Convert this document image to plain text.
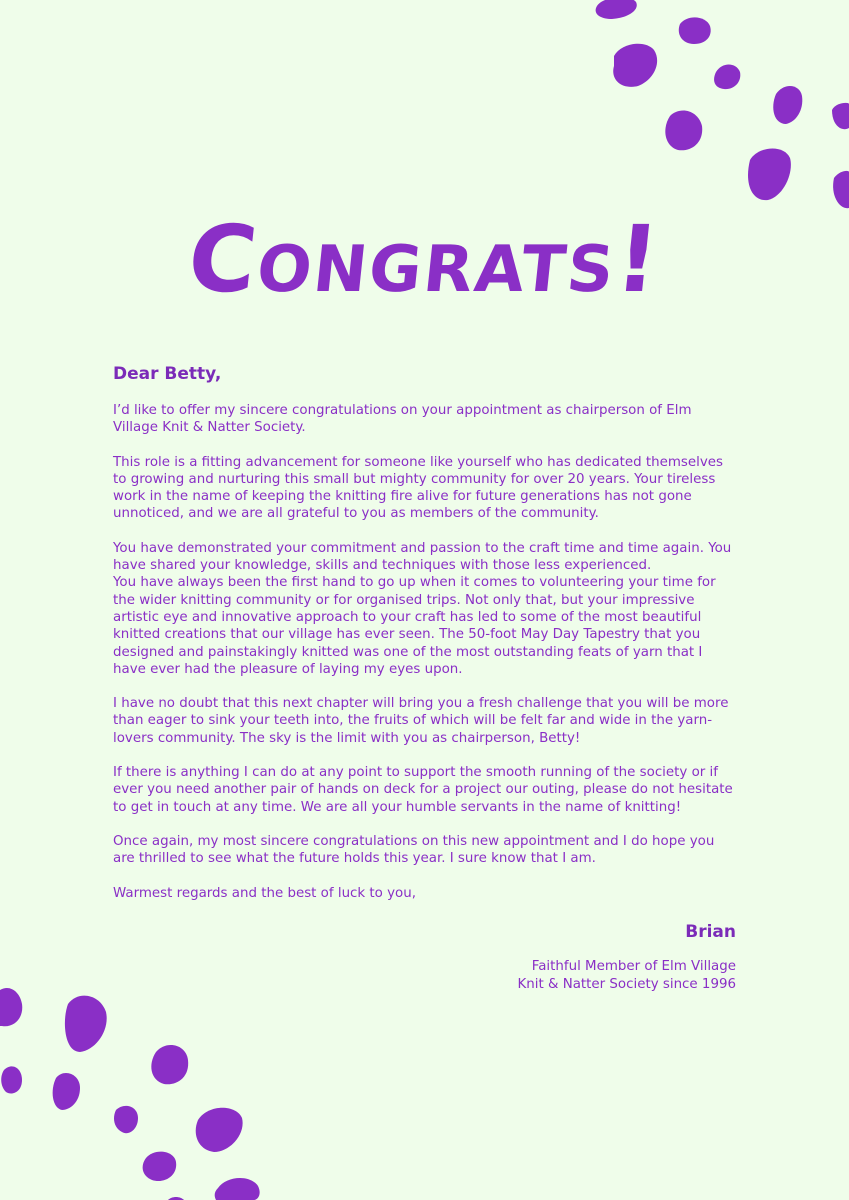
Congrats!

Dear Betty,

I’d like to offer my sincere congratulations on your appointment as chairperson of Elm Village Knit & Natter Society.

This role is a fitting advancement for someone like yourself who has dedicated themselves to growing and nurturing this small but mighty community for over 20 years. Your tireless work in the name of keeping the knitting fire alive for future generations has not gone unnoticed, and we are all grateful to you as members of the community.

You have demonstrated your commitment and passion to the craft time and time again. You have shared your knowledge, skills and techniques with those less experienced.
You have always been the first hand to go up when it comes to volunteering your time for the wider knitting community or for organised trips. Not only that, but your impressive artistic eye and innovative approach to your craft has led to some of the most beautiful knitted creations that our village has ever seen. The 50-foot May Day Tapestry that you designed and painstakingly knitted was one of the most outstanding feats of yarn that I have ever had the pleasure of laying my eyes upon.

I have no doubt that this next chapter will bring you a fresh challenge that you will be more than eager to sink your teeth into, the fruits of which will be felt far and wide in the yarn-lovers community. The sky is the limit with you as chairperson, Betty!

If there is anything I can do at any point to support the smooth running of the society or if ever you need another pair of hands on deck for a project our outing, please do not hesitate to get in touch at any time. We are all your humble servants in the name of knitting!

Once again, my most sincere congratulations on this new appointment and I do hope you are thrilled to see what the future holds this year. I sure know that I am.

Warmest regards and the best of luck to you,

Brian

Faithful Member of Elm Village
Knit & Natter Society since 1996
